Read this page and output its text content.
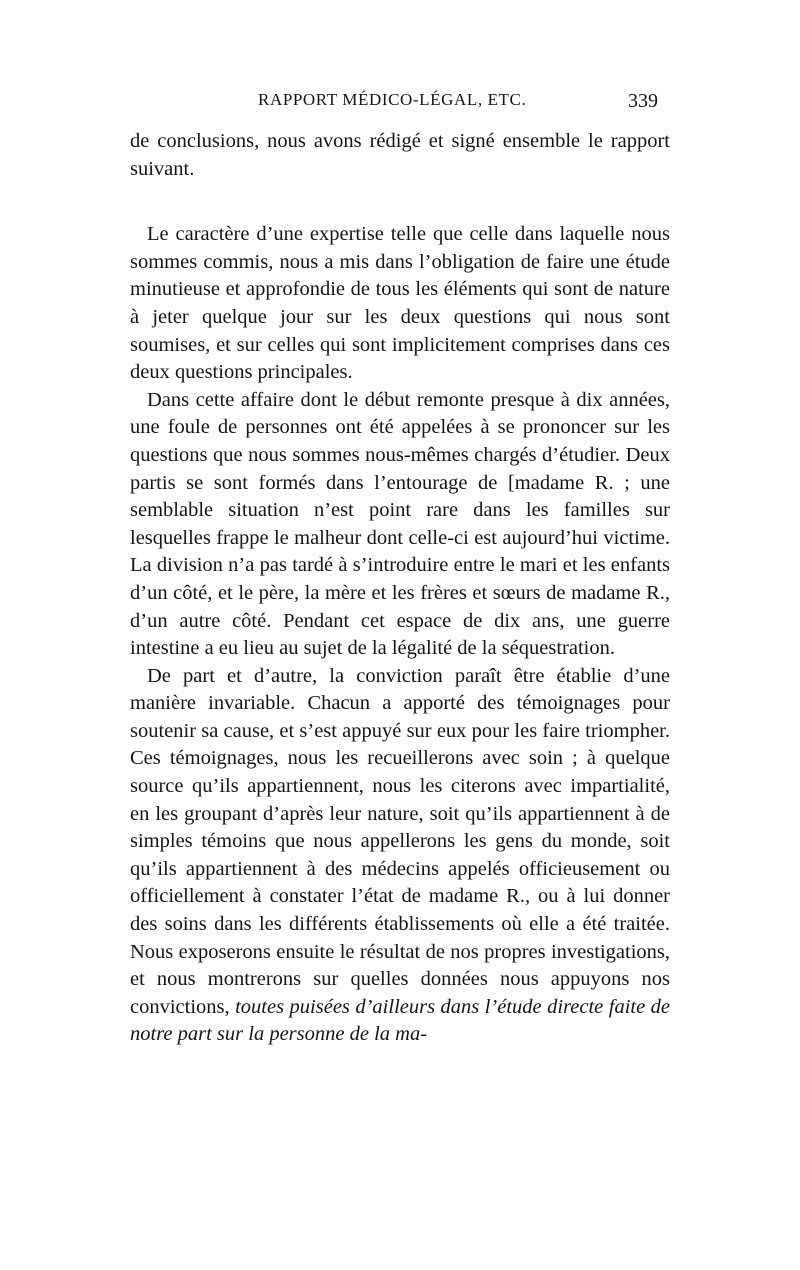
RAPPORT MÉDICO-LÉGAL, ETC.	339

de conclusions, nous avons rédigé et signé ensemble le rapport suivant.

Le caractère d’une expertise telle que celle dans laquelle nous sommes commis, nous a mis dans l’obligation de faire une étude minutieuse et approfondie de tous les éléments qui sont de nature à jeter quelque jour sur les deux questions qui nous sont soumises, et sur celles qui sont implicitement comprises dans ces deux questions principales.

Dans cette affaire dont le début remonte presque à dix années, une foule de personnes ont été appelées à se prononcer sur les questions que nous sommes nous-mêmes chargés d’étudier. Deux partis se sont formés dans l’entourage de [madame R. ; une semblable situation n’est point rare dans les familles sur lesquelles frappe le malheur dont celle-ci est aujourd’hui victime. La division n’a pas tardé à s’introduire entre le mari et les enfants d’un côté, et le père, la mère et les frères et sœurs de madame R., d’un autre côté. Pendant cet espace de dix ans, une guerre intestine a eu lieu au sujet de la légalité de la séquestration.

De part et d’autre, la conviction paraît être établie d’une manière invariable. Chacun a apporté des témoignages pour soutenir sa cause, et s’est appuyé sur eux pour les faire triompher. Ces témoignages, nous les recueillerons avec soin ; à quelque source qu’ils appartiennent, nous les citerons avec impartialité, en les groupant d’après leur nature, soit qu’ils appartiennent à de simples témoins que nous appellerons les gens du monde, soit qu’ils appartiennent à des médecins appelés officieusement ou officiellement à constater l’état de madame R., ou à lui donner des soins dans les différents établissements où elle a été traitée. Nous exposerons ensuite le résultat de nos propres investigations, et nous montrerons sur quelles données nous appuyons nos convictions, toutes puisées d’ailleurs dans l’étude directe faite de notre part sur la personne de la ma-
